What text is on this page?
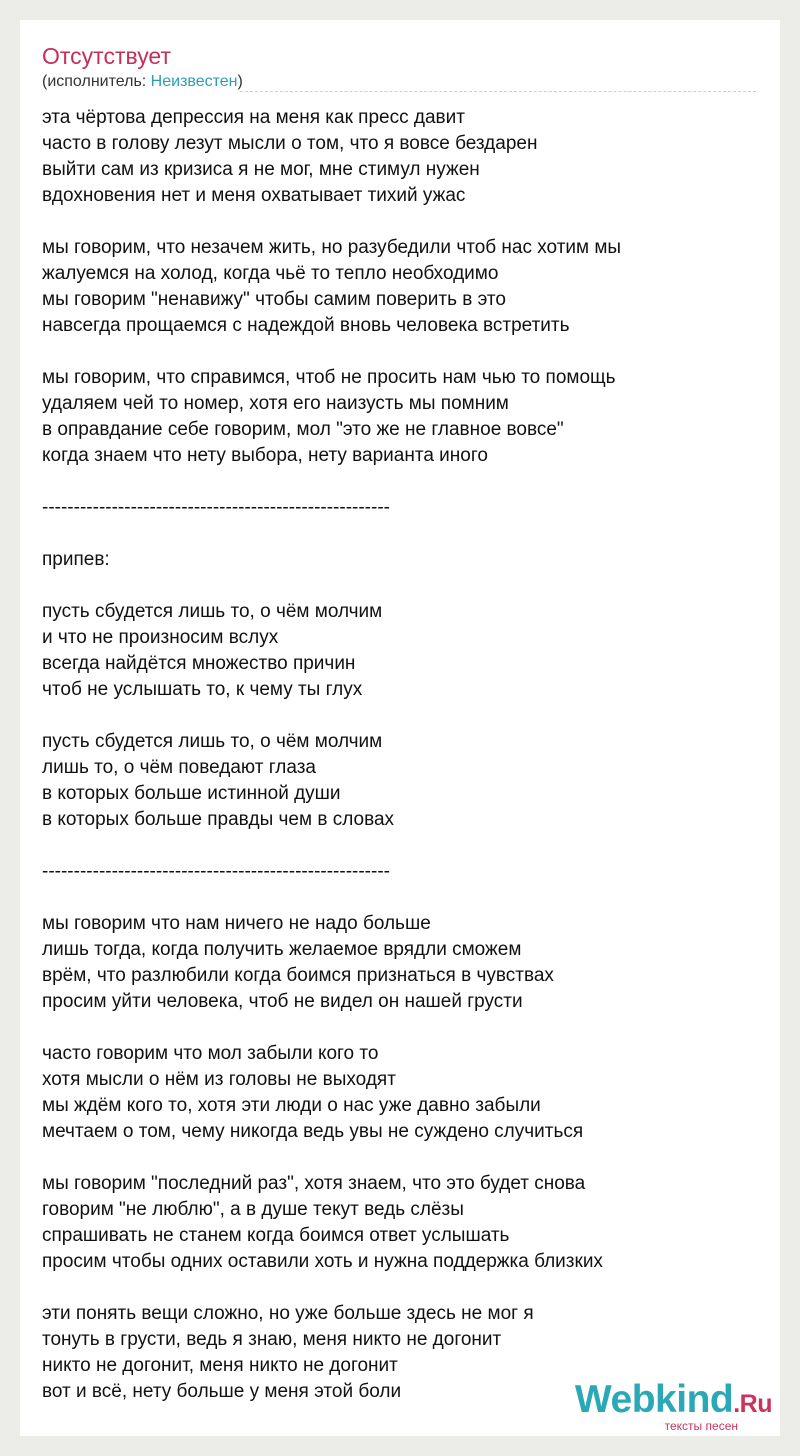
Отсутствует
(исполнитель: Неизвестен)
эта чёртова депрессия на меня как пресс давит
часто в голову лезут мысли о том, что я вовсе бездарен
выйти сам из кризиса я не мог, мне стимул нужен
вдохновения нет и меня охватывает тихий ужас
мы говорим, что незачем жить, но разубедили чтоб нас хотим мы
жалуемся на холод, когда чьё то тепло необходимо
мы говорим "ненавижу" чтобы самим поверить в это
навсегда прощаемся с надеждой вновь человека встретить
мы говорим, что справимся, чтоб не просить нам чью то помощь
удаляем чей то номер, хотя его наизусть мы помним
в оправдание себе говорим, мол "это же не главное вовсе"
когда знаем что нету выбора, нету варианта иного
-------------------------------------------------------
припев:
пусть сбудется лишь то, о чём молчим
и что не произносим вслух
всегда найдётся множество причин
чтоб не услышать то, к чему ты глух
пусть сбудется лишь то, о чём молчим
лишь то, о чём поведают глаза
в которых больше истинной души
в которых больше правды чем в словах
-------------------------------------------------------
мы говорим что нам ничего не надо больше
лишь тогда, когда получить желаемое врядли сможем
врём, что разлюбили когда боимся признаться в чувствах
просим уйти человека, чтоб не видел он нашей грусти
часто говорим что мол забыли кого то
хотя мысли о нём из головы не выходят
мы ждём кого то, хотя эти люди о нас уже давно забыли
мечтаем о том, чему никогда ведь увы не суждено случиться
мы говорим "последний раз", хотя знаем, что это будет снова
говорим "не люблю", а в душе текут ведь слёзы
спрашивать не станем когда боимся ответ услышать
просим чтобы одних оставили хоть и нужна поддержка близких
эти понять вещи сложно, но уже больше здесь не мог я
тонуть в грусти, ведь я знаю, меня никто не догонит
никто не догонит, меня никто не догонит
вот и всё, нету больше у меня этой боли	Webkind.Ru
тексты песен
